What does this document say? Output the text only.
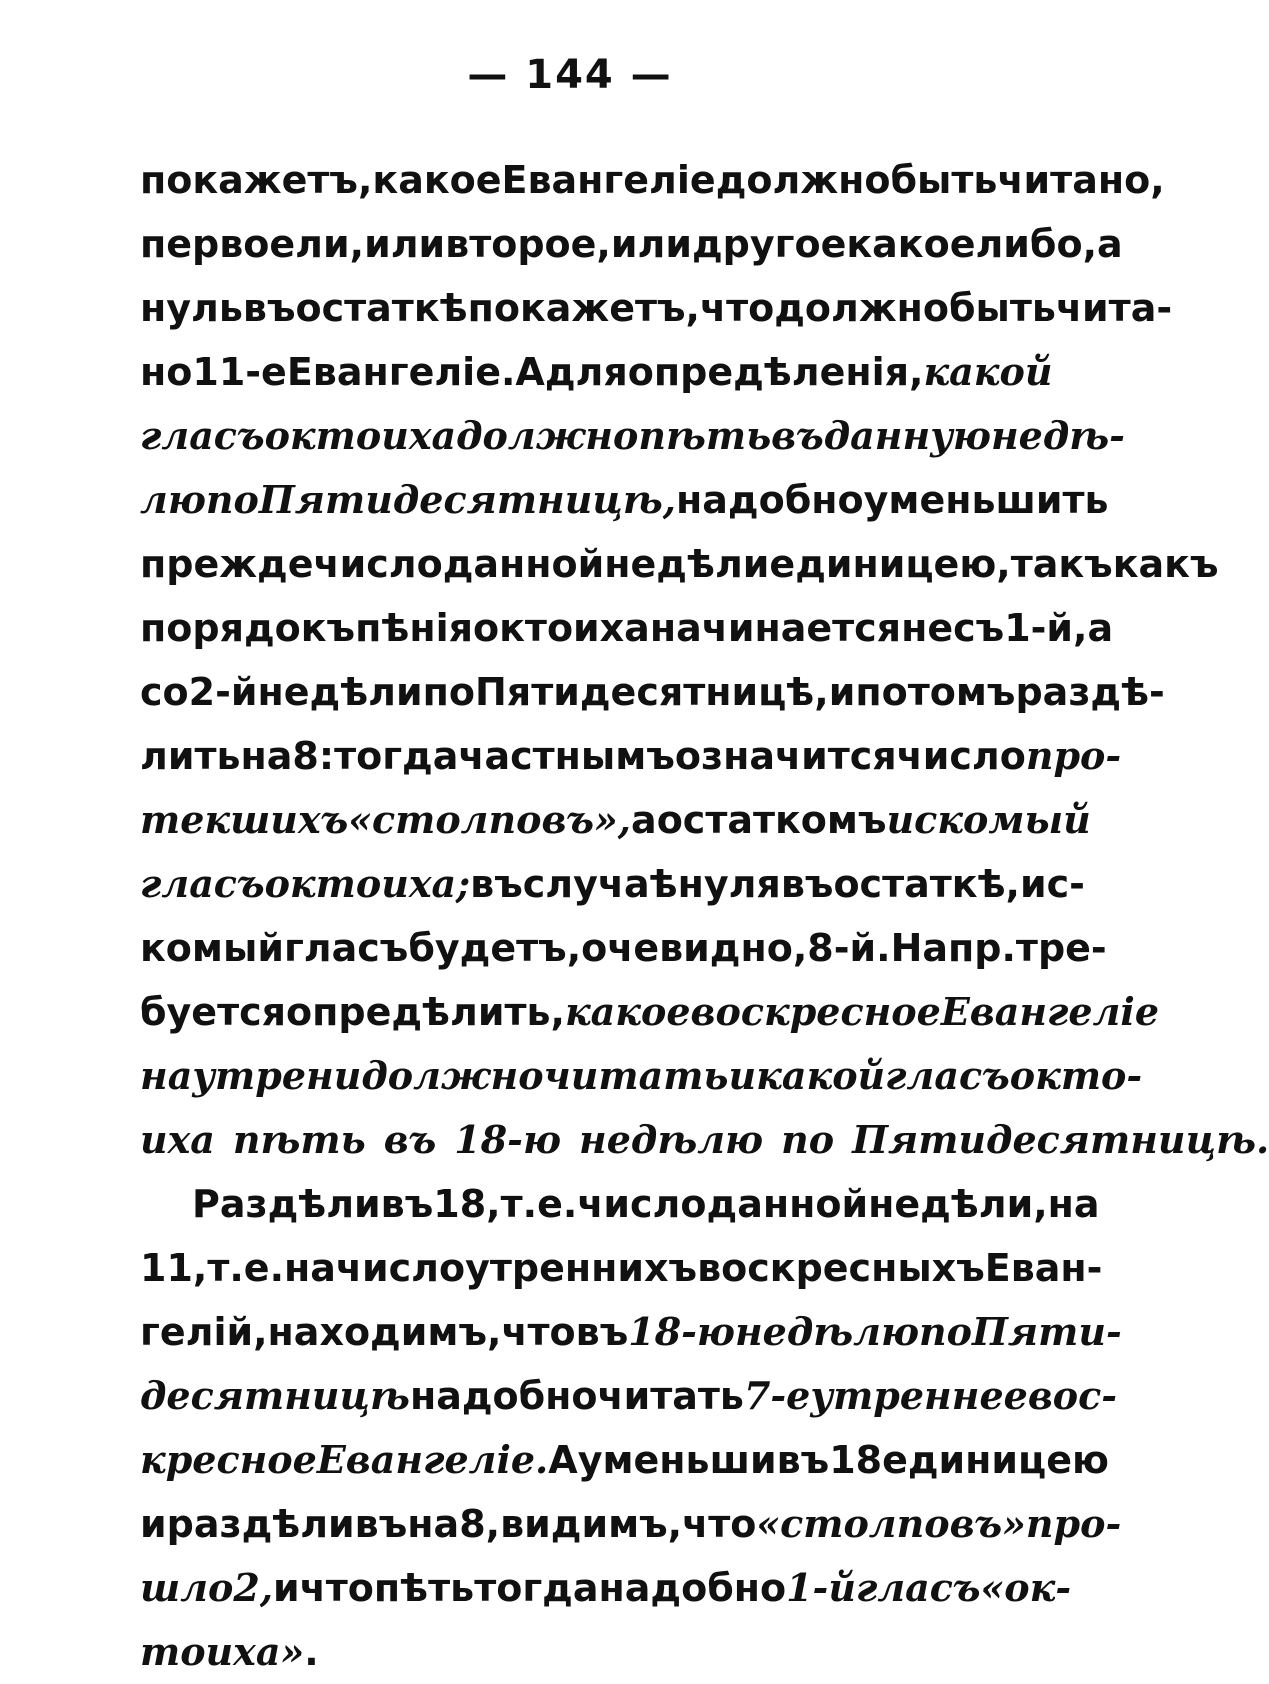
— 144 —
покажетъ, какое Евангеліе должно быть читано,
первое ли, или второе, или другое какое либо, а
нуль въ остаткѣ покажетъ, что должно быть чита-
но 11-е Евангеліе. А для опредѣленія, какой
гласъ октоиха должно пѣть въ данную недѣ-
лю по Пятидесятницѣ, надобно уменьшить
прежде число данной недѣли единицею, такъ какъ
порядокъ пѣнія октоиха начинается не съ 1-й, а
со 2-й недѣли по Пятидесятницѣ, и потомъ раздѣ-
лить на 8: тогда частнымъ означится число про-
текшихъ «столповъ», а остаткомъ искомый
гласъ октоиха; въ случаѣ нуля въ остаткѣ, ис-
комый гласъ будетъ, очевидно, 8-й. Напр. тре-
буется опредѣлить, какое воскресное Евангеліе
на утрени должно читать и какой гласъ окто-
иха пѣть въ 18-ю недѣлю по Пятидесятницѣ.
Раздѣливъ 18, т. е. число данной недѣли, на
11, т. е. на число утреннихъ воскресныхъ Еван-
гелій, находимъ, что въ 18-ю недѣлю по Пяти-
десятницѣ надобно читать 7-е утреннее вос-
кресное Евангеліе. А уменьшивъ 18 единицею
и раздѣливъ на 8, видимъ, что «столповъ» про-
шло 2, и что пѣть тогда надобно 1-й гласъ «ок-
тоиха» .
